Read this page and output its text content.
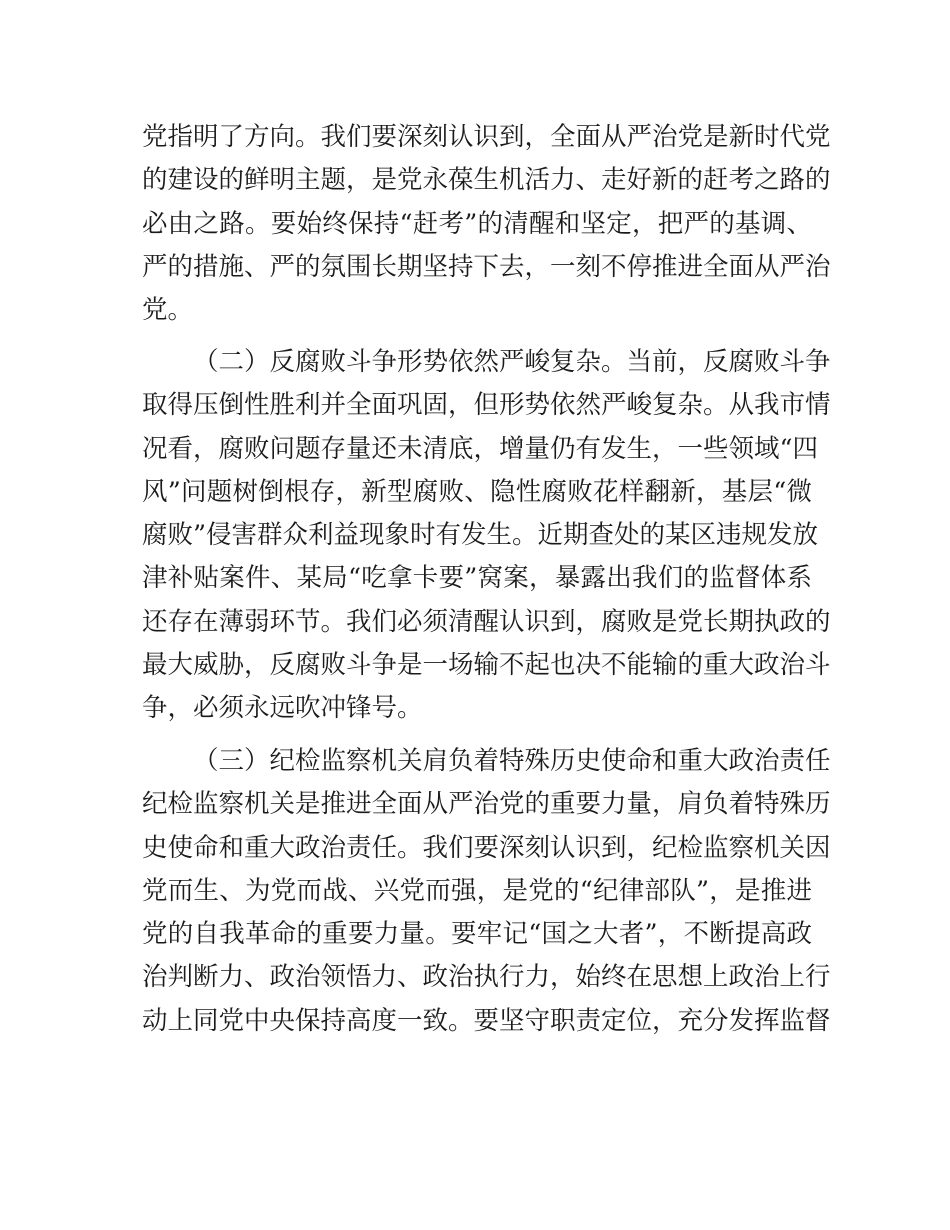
党指明了方向。我们要深刻认识到，全面从严治党是新时代党
的建设的鲜明主题，是党永葆生机活力、走好新的赶考之路的
必由之路。要始终保持“赶考”的清醒和坚定，把严的基调、
严的措施、严的氛围长期坚持下去，一刻不停推进全面从严治
党。
（二）反腐败斗争形势依然严峻复杂。当前，反腐败斗争
取得压倒性胜利并全面巩固，但形势依然严峻复杂。从我市情
况看，腐败问题存量还未清底，增量仍有发生，一些领域“四
风”问题树倒根存，新型腐败、隐性腐败花样翻新，基层“微
腐败”侵害群众利益现象时有发生。近期查处的某区违规发放
津补贴案件、某局“吃拿卡要”窝案，暴露出我们的监督体系
还存在薄弱环节。我们必须清醒认识到，腐败是党长期执政的
最大威胁，反腐败斗争是一场输不起也决不能输的重大政治斗
争，必须永远吹冲锋号。
（三）纪检监察机关肩负着特殊历史使命和重大政治责任
纪检监察机关是推进全面从严治党的重要力量，肩负着特殊历
史使命和重大政治责任。我们要深刻认识到，纪检监察机关因
党而生、为党而战、兴党而强，是党的“纪律部队”，是推进
党的自我革命的重要力量。要牢记“国之大者”，不断提高政
治判断力、政治领悟力、政治执行力，始终在思想上政治上行
动上同党中央保持高度一致。要坚守职责定位，充分发挥监督
